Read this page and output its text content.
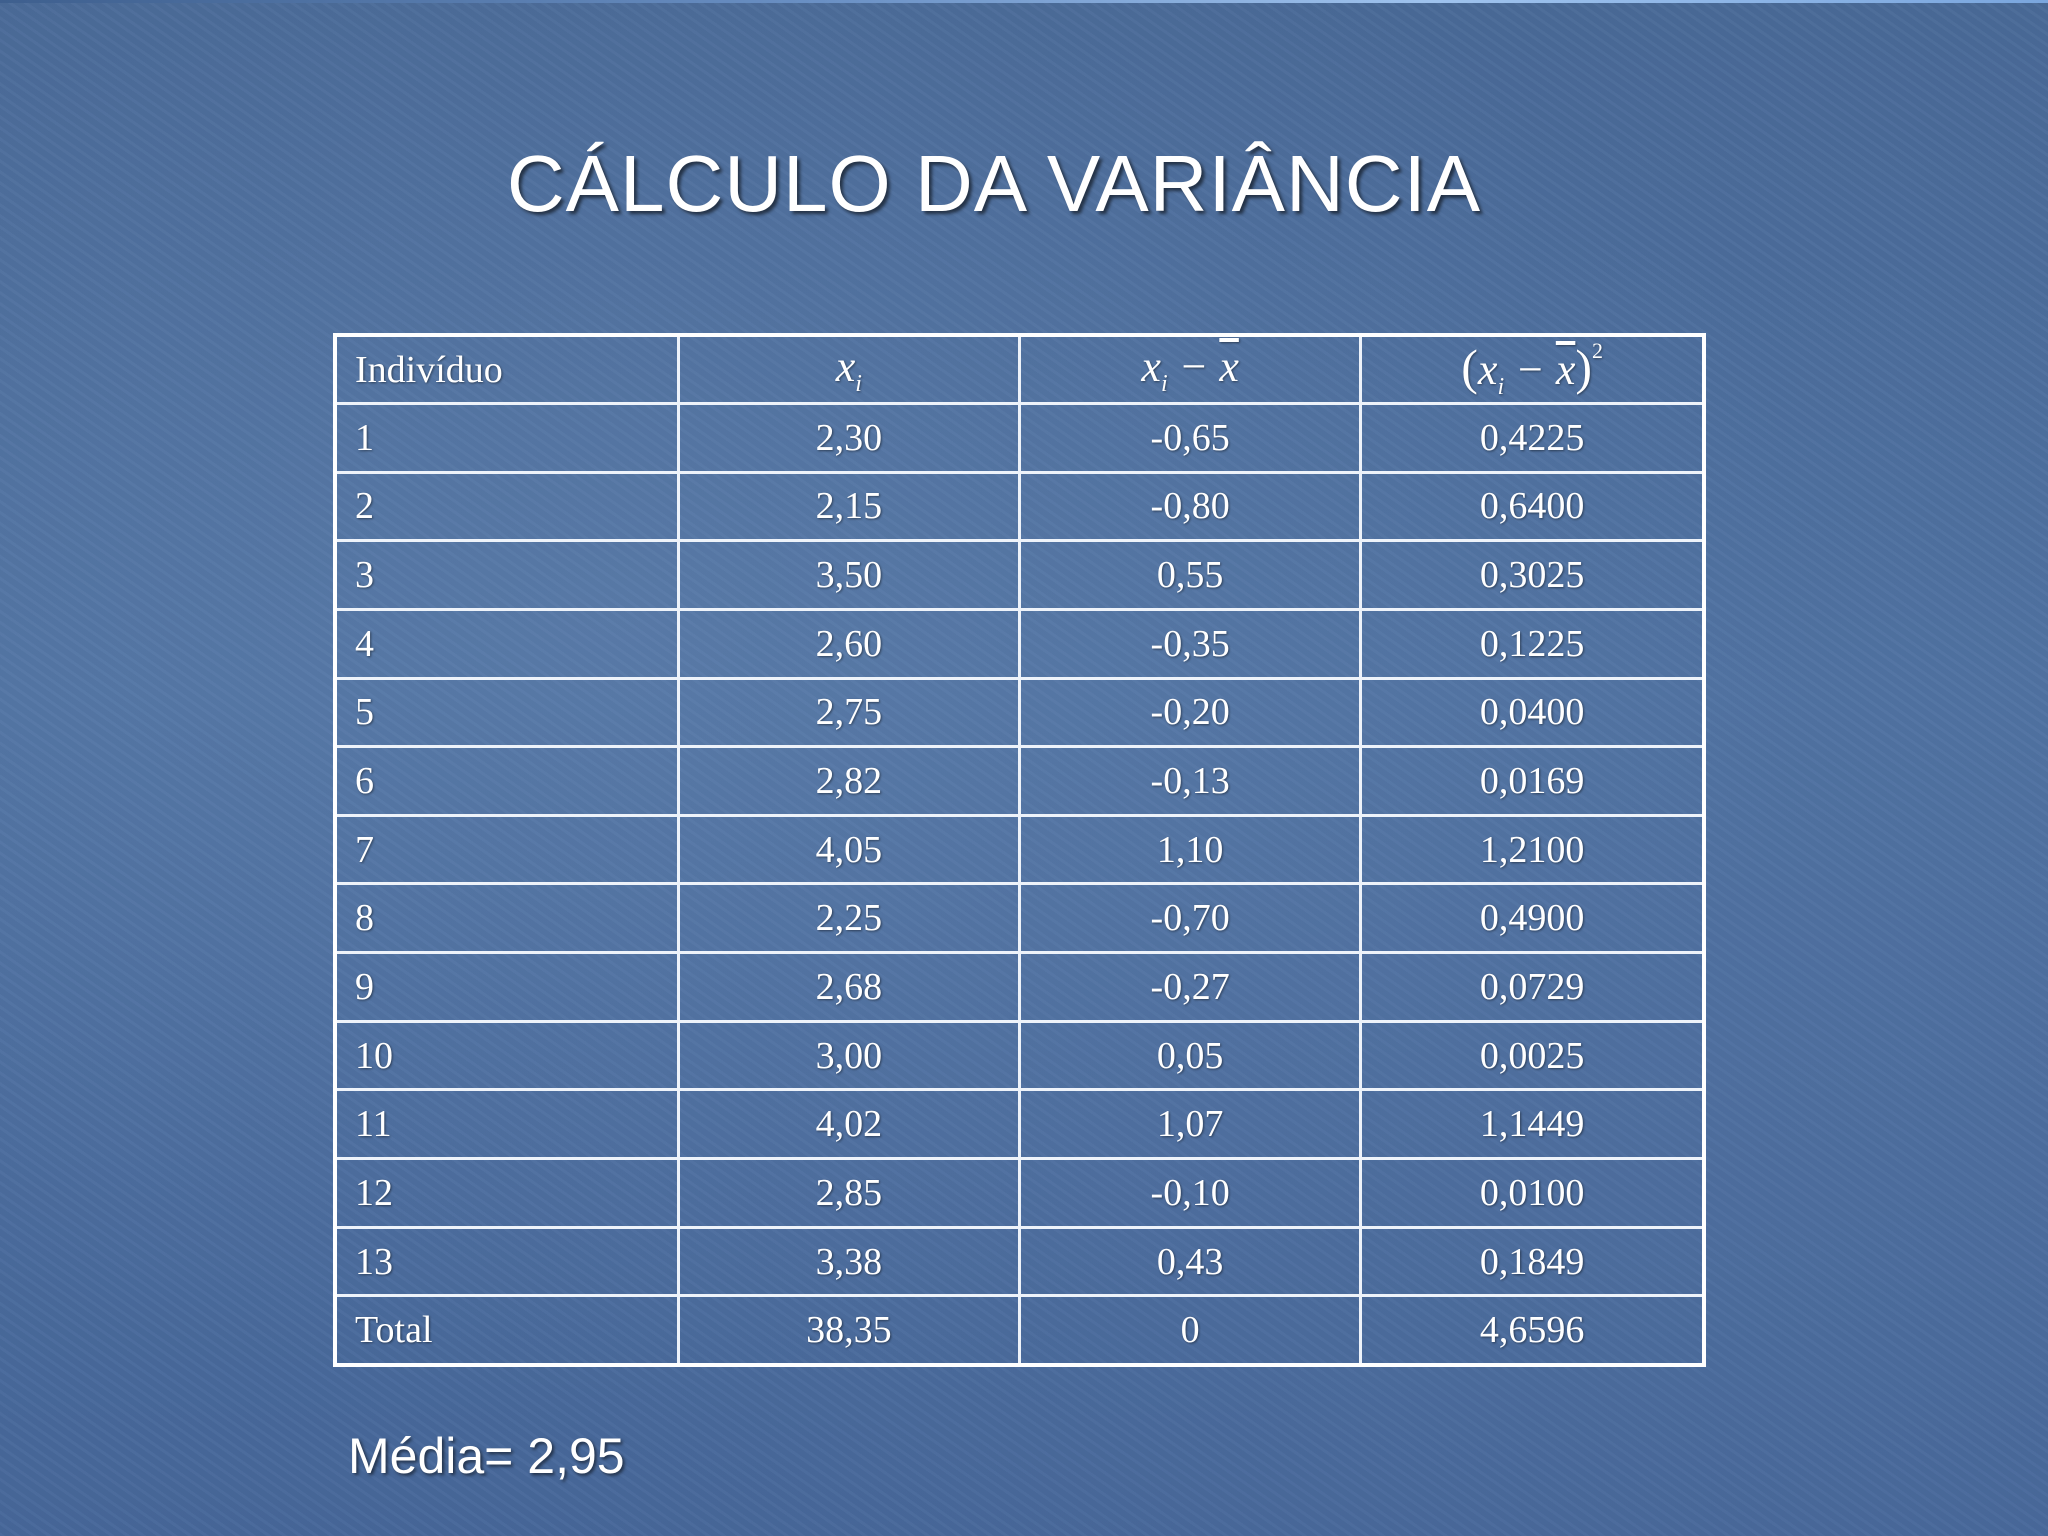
CÁLCULO DA VARIÂNCIA
Indivíduo	$x_i$	$x_i - \overline{x}$	$(x_i - \overline{x})^2$
1	2,30	-0,65	0,4225
2	2,15	-0,80	0,6400
3	3,50	0,55	0,3025
4	2,60	-0,35	0,1225
5	2,75	-0,20	0,0400
6	2,82	-0,13	0,0169
7	4,05	1,10	1,2100
8	2,25	-0,70	0,4900
9	2,68	-0,27	0,0729
10	3,00	0,05	0,0025
11	4,02	1,07	1,1449
12	2,85	-0,10	0,0100
13	3,38	0,43	0,1849
Total	38,35	0	4,6596
Média= 2,95
